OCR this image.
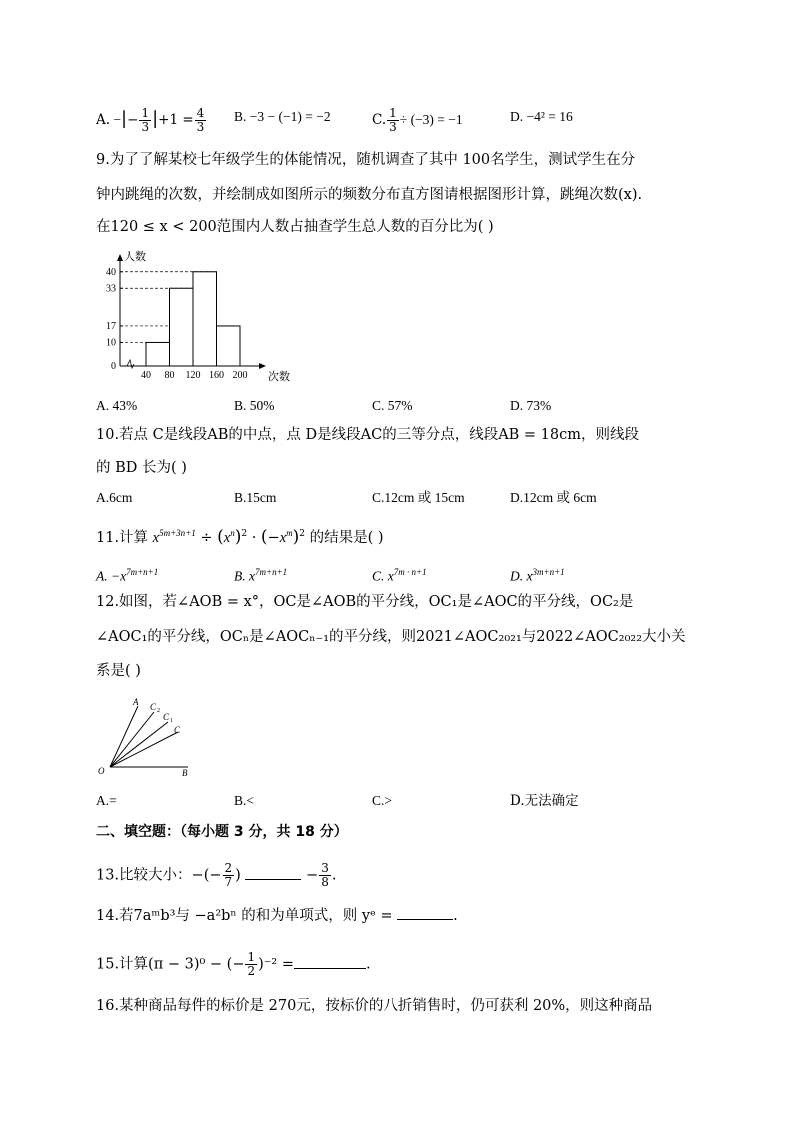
A. −|− $\frac{1}{3} |+1 = \frac{4}{3} B$. −3 − (−1) = −2	C. $\frac{1}{3} \div (-3) = -1$	D. −4² = 16
9.为了了解某校七年级学生的体能情况，随机调查了其中 100名学生，测试学生在分
钟内跳绳的次数，并绘制成如图所示的频数分布直方图请根据图形计算，跳绳次数(x).
在120 ≤ x < 200范围内人数占抽查学生总人数的百分比为( )
0
10
17
33
40
40 80 120 160 200
人数
次数
A. 43%	B. 50%	C. 57%	D. 73%
10.若点 C是线段AB的中点，点 D是线段AC的三等分点，线段AB = 18cm，则线段
的 BD 长为( )
A.6cm	B.15cm	C.12cm 或 15cm	D.12cm 或 6cm
11.计算 $x^{5m+3n+1} \div (x^n)^2 \cdot (-x^m)^2$ 的结果是( )
A. $-x^{7m+n+1}$	B. $x^{7m+n+1}$	C. $x^{7m \cdot n+1}$	D. $x^{3m+n+1}$
12.如图，若∠AOB = x°，OC是∠AOB的平分线，OC₁是∠AOC的平分线，OC₂是
∠AOC₁的平分线，OCₙ是∠AOCₙ₋₁的平分线，则2021∠AOC₂₀₂₁与2022∠AOC₂₀₂₂大小关
系是( )
A C 2
C 1
C
O	B
A.=	B.<	C.>	D.无法确定
二、填空题：（每小题 3 分，共 18 分）
13.比较大小：−(− $\frac{2}{7}$ )	− $\frac{3}{8}$ .
14.若7aᵐb³与 −a²bⁿ 的和为单项式，则 yᵉ =	.
15.计算(π − 3)⁰ − (− $\frac{1}{2} )^{-2}$ =	.
16.某种商品每件的标价是 270元，按标价的八折销售时，仍可获利 20%，则这种商品
